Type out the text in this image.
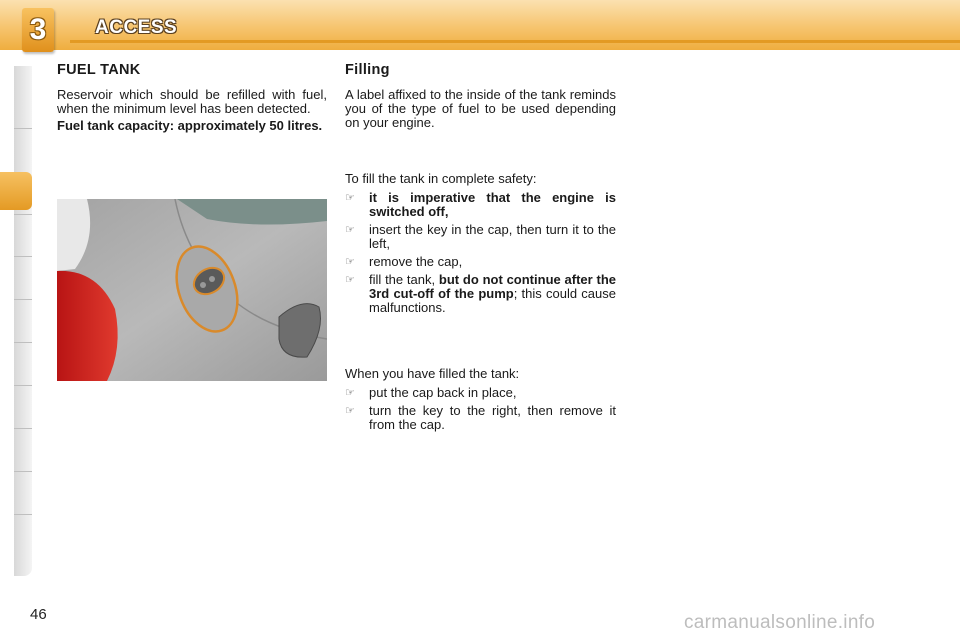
3	ACCESS
FUEL TANK

Reservoir which should be refilled with fuel, when the minimum level has been detected.

Fuel tank capacity: approximately 50 litres.

Filling

A label affixed to the inside of the tank reminds you of the type of fuel to be used depending on your engine.

To fill the tank in complete safety:

☞ it is imperative that the engine is switched off,
☞ insert the key in the cap, then turn it to the left,
☞ remove the cap,
☞ fill the tank, but do not continue after the 3rd cut-off of the pump; this could cause malfunctions.

When you have filled the tank:

☞ put the cap back in place,
☞ turn the key to the right, then remove it from the cap.
46	carmanualsonline.info
